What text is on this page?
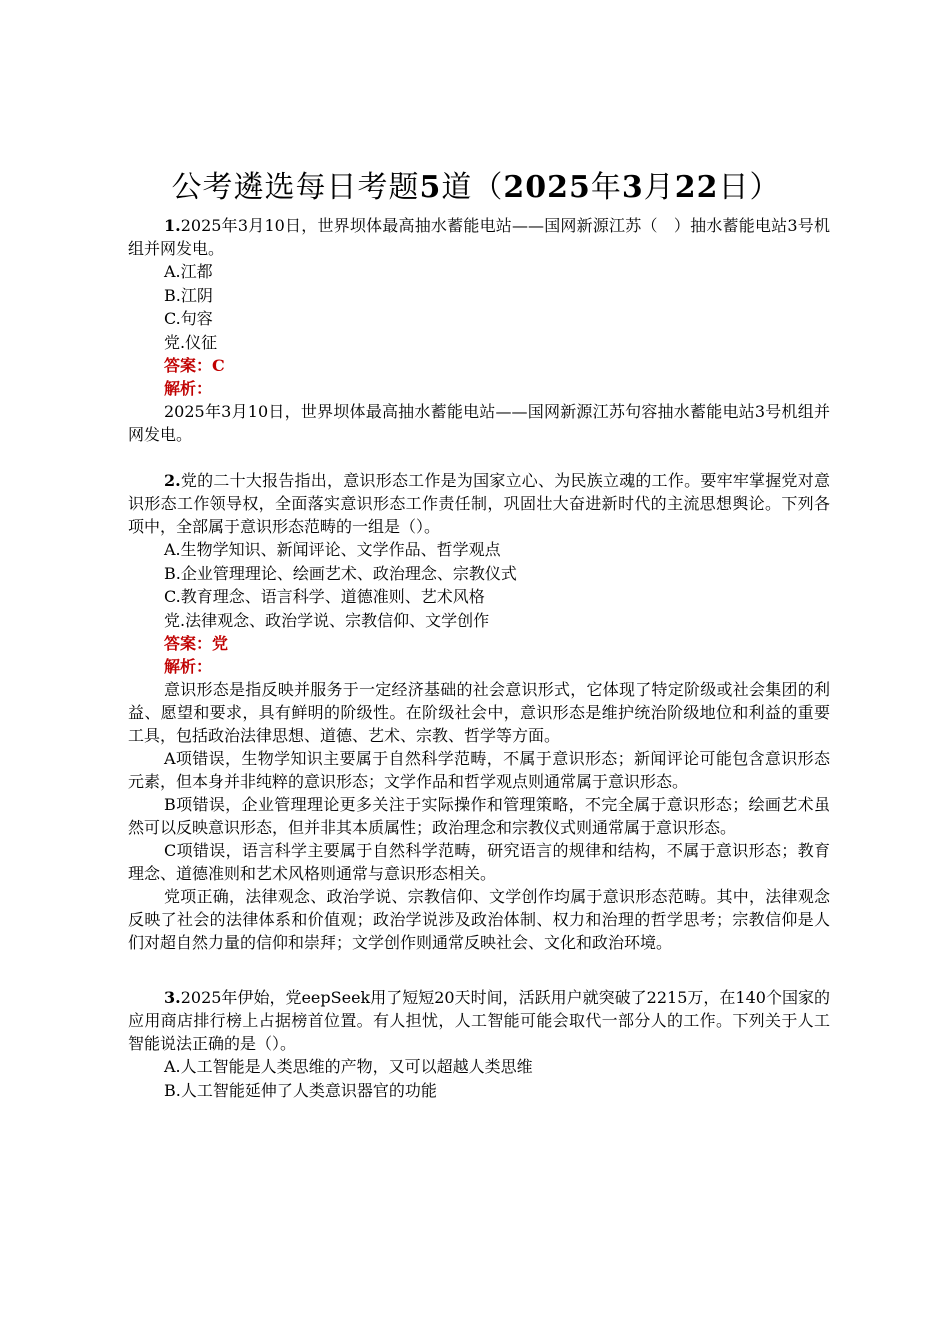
公考遴选每日考题5道（2025年3月22日）

1.2025年3月10日，世界坝体最高抽水蓄能电站——国网新源江苏（　）抽水蓄能电站3号机组并网发电。

A.江都

B.江阴

C.句容

党.仪征

答案：C

解析：

2025年3月10日，世界坝体最高抽水蓄能电站——国网新源江苏句容抽水蓄能电站3号机组并网发电。

2.党的二十大报告指出，意识形态工作是为国家立心、为民族立魂的工作。要牢牢掌握党对意识形态工作领导权，全面落实意识形态工作责任制，巩固壮大奋进新时代的主流思想舆论。下列各项中，全部属于意识形态范畴的一组是（）。

A.生物学知识、新闻评论、文学作品、哲学观点

B.企业管理理论、绘画艺术、政治理念、宗教仪式

C.教育理念、语言科学、道德准则、艺术风格

党.法律观念、政治学说、宗教信仰、文学创作

答案：党

解析：

意识形态是指反映并服务于一定经济基础的社会意识形式，它体现了特定阶级或社会集团的利益、愿望和要求，具有鲜明的阶级性。在阶级社会中，意识形态是维护统治阶级地位和利益的重要工具，包括政治法律思想、道德、艺术、宗教、哲学等方面。

A项错误，生物学知识主要属于自然科学范畴，不属于意识形态；新闻评论可能包含意识形态元素，但本身并非纯粹的意识形态；文学作品和哲学观点则通常属于意识形态。

B项错误，企业管理理论更多关注于实际操作和管理策略，不完全属于意识形态；绘画艺术虽然可以反映意识形态，但并非其本质属性；政治理念和宗教仪式则通常属于意识形态。

C项错误，语言科学主要属于自然科学范畴，研究语言的规律和结构，不属于意识形态；教育理念、道德准则和艺术风格则通常与意识形态相关。

党项正确，法律观念、政治学说、宗教信仰、文学创作均属于意识形态范畴。其中，法律观念反映了社会的法律体系和价值观；政治学说涉及政治体制、权力和治理的哲学思考；宗教信仰是人们对超自然力量的信仰和崇拜；文学创作则通常反映社会、文化和政治环境。

3.2025年伊始，党eepSeek用了短短20天时间，活跃用户就突破了2215万，在140个国家的应用商店排行榜上占据榜首位置。有人担忧，人工智能可能会取代一部分人的工作。下列关于人工智能说法正确的是（）。

A.人工智能是人类思维的产物，又可以超越人类思维

B.人工智能延伸了人类意识器官的功能
